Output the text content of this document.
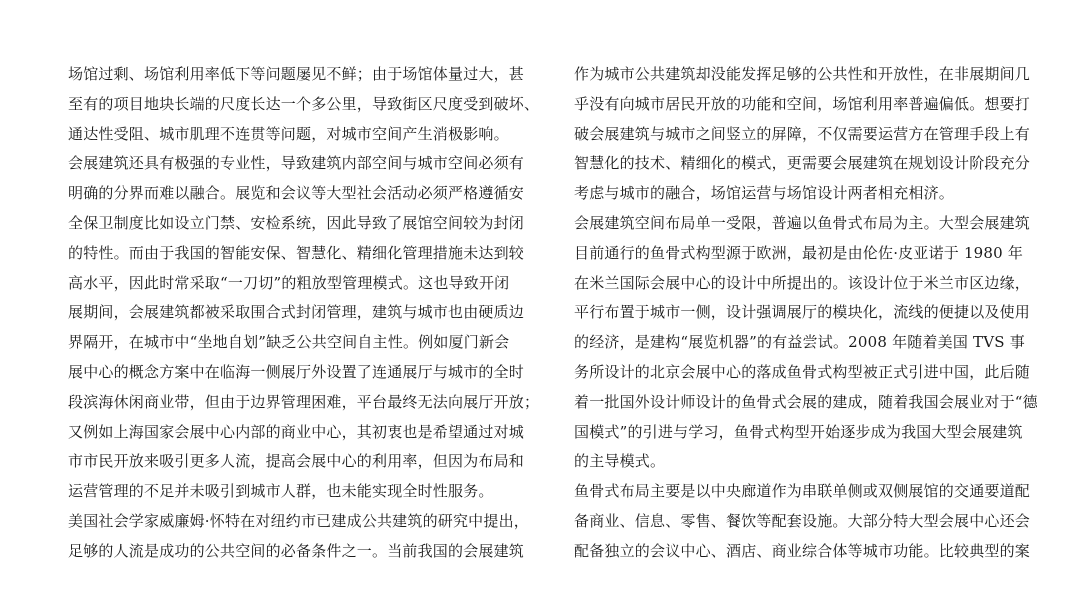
场馆过剩、场馆利用率低下等问题屡见不鲜；由于场馆体量过大，甚
至有的项目地块长端的尺度长达一个多公里，导致街区尺度受到破坏、
通达性受阻、城市肌理不连贯等问题，对城市空间产生消极影响。
会展建筑还具有极强的专业性，导致建筑内部空间与城市空间必须有
明确的分界而难以融合。展览和会议等大型社会活动必须严格遵循安
全保卫制度比如设立门禁、安检系统，因此导致了展馆空间较为封闭
的特性。而由于我国的智能安保、智慧化、精细化管理措施未达到较
高水平，因此时常采取“一刀切”的粗放型管理模式。这也导致开闭
展期间，会展建筑都被采取围合式封闭管理，建筑与城市也由硬质边
界隔开，在城市中“坐地自划”缺乏公共空间自主性。例如厦门新会
展中心的概念方案中在临海一侧展厅外设置了连通展厅与城市的全时
段滨海休闲商业带，但由于边界管理困难，平台最终无法向展厅开放；
又例如上海国家会展中心内部的商业中心，其初衷也是希望通过对城
市市民开放来吸引更多人流，提高会展中心的利用率，但因为布局和
运营管理的不足并未吸引到城市人群，也未能实现全时性服务。
美国社会学家威廉姆·怀特在对纽约市已建成公共建筑的研究中提出，
足够的人流是成功的公共空间的必备条件之一。当前我国的会展建筑
作为城市公共建筑却没能发挥足够的公共性和开放性，在非展期间几
乎没有向城市居民开放的功能和空间，场馆利用率普遍偏低。想要打
破会展建筑与城市之间竖立的屏障，不仅需要运营方在管理手段上有
智慧化的技术、精细化的模式，更需要会展建筑在规划设计阶段充分
考虑与城市的融合，场馆运营与场馆设计两者相充相济。
会展建筑空间布局单一受限，普遍以鱼骨式布局为主。大型会展建筑
目前通行的鱼骨式构型源于欧洲，最初是由伦佐·皮亚诺于 1980 年
在米兰国际会展中心的设计中所提出的。该设计位于米兰市区边缘，
平行布置于城市一侧，设计强调展厅的模块化，流线的便捷以及使用
的经济，是建构“展览机器”的有益尝试。2008 年随着美国 TVS 事
务所设计的北京会展中心的落成鱼骨式构型被正式引进中国，此后随
着一批国外设计师设计的鱼骨式会展的建成，随着我国会展业对于“德
国模式”的引进与学习，鱼骨式构型开始逐步成为我国大型会展建筑
的主导模式。
鱼骨式布局主要是以中央廊道作为串联单侧或双侧展馆的交通要道配
备商业、信息、零售、餐饮等配套设施。大部分特大型会展中心还会
配备独立的会议中心、酒店、商业综合体等城市功能。比较典型的案
